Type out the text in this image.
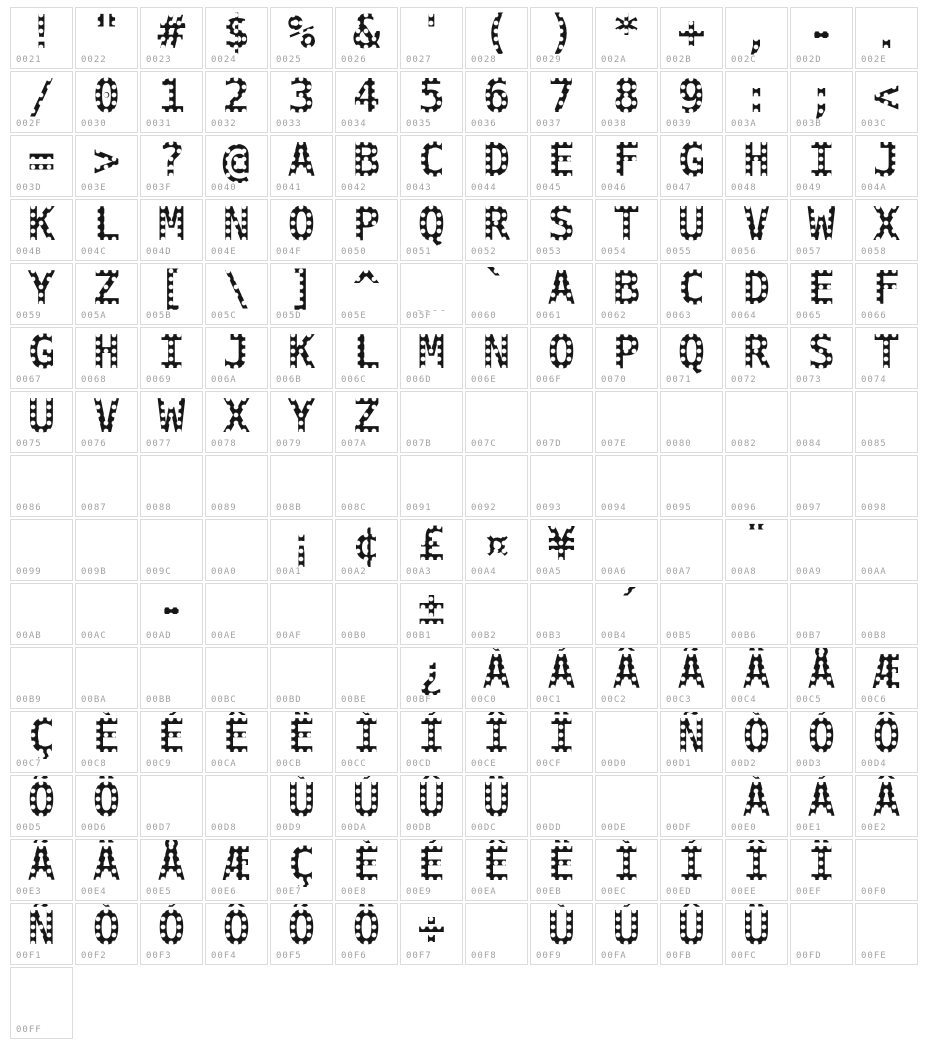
!
0021
"
0022
#
0023
$
0024
%
0025
&
0026
'
0027
(
0028
)
0029
*
002A
+
002B
,
002C
-
002D
.
002E
/
002F
0
0030
1
0031
2
0032
3
0033
4
0034
5
0035
6
0036
7
0037
8
0038
9
0039
:
003A
;
003B
<
003C
=
003D
>
003E
?
003F
@
0040
A
0041
B
0042
C
0043
D
0044
E
0045
F
0046
G
0047
H
0048
I
0049
J
004A
K
004B
L
004C
M
004D
N
004E
O
004F
P
0050
Q
0051
R
0052
S
0053
T
0054
U
0055
V
0056
W
0057
X
0058
Y
0059
Z
005A
[
005B
\
005C
]
005D
^
005E
_
005F
`
0060
A
0061
B
0062
C
0063
D
0064
E
0065
F
0066
G
0067
H
0068
I
0069
J
006A
K
006B
L
006C
M
006D
N
006E
O
006F
P
0070
Q
0071
R
0072
S
0073
T
0074
U
0075
V
0076
W
0077
X
0078
Y
0079
Z
007A	007B	007C	007D	007E	0080	0082	0084	0085
0086	0087	0088	0089	008B	008C	0091	0092	0093	0094	0095	0096	0097	0098
0099	009B	009C	00A0
¡
00A1
¢
00A2
£
00A3
¤
00A4
¥
00A5	00A6	00A7
¨
00A8	00A9	00AA
00AB	00AC
-
00AD	00AE	00AF	00B0
±
00B1	00B2	00B3
´
00B4	00B5	00B6	00B7	00B8
00B9	00BA	00BB	00BC	00BD	00BE
¿
00BF
À
00C0
Á
00C1
Â
00C2
Ã
00C3
Ä
00C4
Å
00C5
Æ
00C6
Ç
00C7
È
00C8
É
00C9
Ê
00CA
Ë
00CB
Ì
00CC
Í
00CD
Î
00CE
Ï
00CF	00D0
Ñ
00D1
Ò
00D2
Ó
00D3
Ô
00D4
Õ
00D5
Ö
00D6	00D7	00D8
Ù
00D9
Ú
00DA
Û
00DB
Ü
00DC	00DD	00DE	00DF
À
00E0
Á
00E1
Â
00E2
Ã
00E3
Ä
00E4
Å
00E5
Æ
00E6
Ç
00E7
È
00E8
É
00E9
Ê
00EA
Ë
00EB
Ì
00EC
Í
00ED
Î
00EE
Ï
00EF	00F0
Ñ
00F1
Ò
00F2
Ó
00F3
Ô
00F4
Õ
00F5
Ö
00F6
÷
00F7	00F8
Ù
00F9
Ú
00FA
Û
00FB
Ü
00FC	00FD	00FE
00FF
